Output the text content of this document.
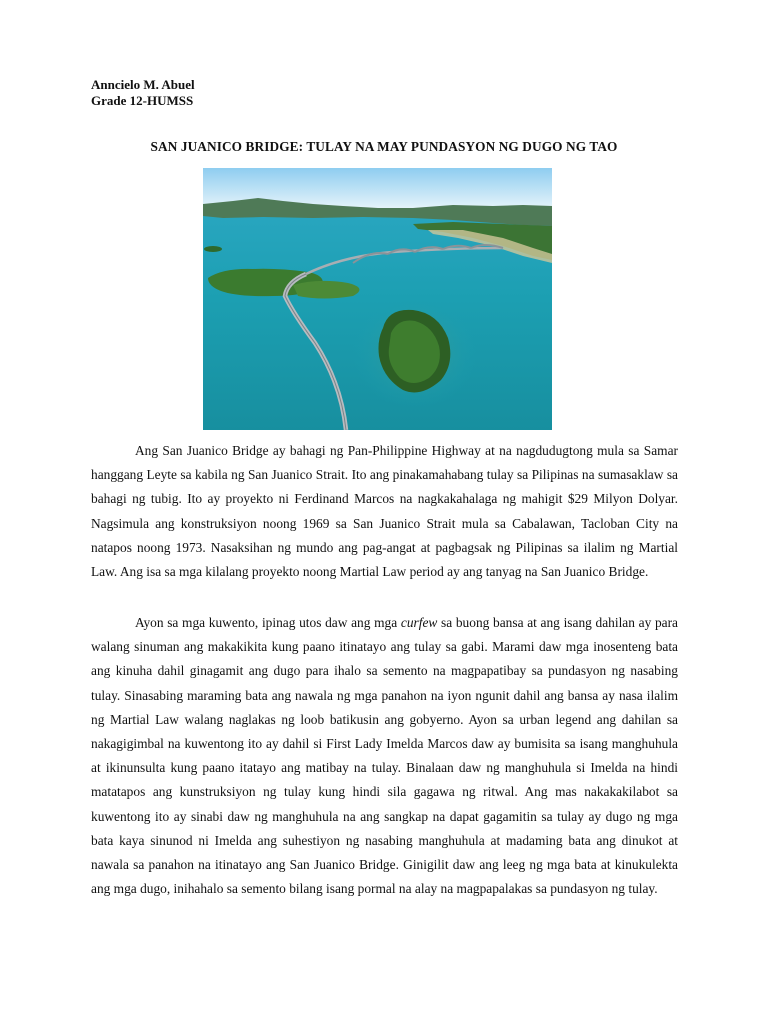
Anncielo M. Abuel
Grade 12-HUMSS
SAN JUANICO BRIDGE: TULAY NA MAY PUNDASYON NG DUGO NG TAO

Ang San Juanico Bridge ay bahagi ng Pan-Philippine Highway at na nagdudugtong mula sa Samar hanggang Leyte sa kabila ng San Juanico Strait. Ito ang pinakamahabang tulay sa Pilipinas na sumasaklaw sa bahagi ng tubig. Ito ay proyekto ni Ferdinand Marcos na nagkakahalaga ng mahigit $29 Milyon Dolyar. Nagsimula ang konstruksiyon noong 1969 sa San Juanico Strait mula sa Cabalawan, Tacloban City na natapos noong 1973. Nasaksihan ng mundo ang pag-angat at pagbagsak ng Pilipinas sa ilalim ng Martial Law. Ang isa sa mga kilalang proyekto noong Martial Law period ay ang tanyag na San Juanico Bridge.

Ayon sa mga kuwento, ipinag utos daw ang mga curfew sa buong bansa at ang isang dahilan ay para walang sinuman ang makakikita kung paano itinatayo ang tulay sa gabi. Marami daw mga inosenteng bata ang kinuha dahil ginagamit ang dugo para ihalo sa semento na magpapatibay sa pundasyon ng nasabing tulay. Sinasabing maraming bata ang nawala ng mga panahon na iyon ngunit dahil ang bansa ay nasa ilalim ng Martial Law walang naglakas ng loob batikusin ang gobyerno. Ayon sa urban legend ang dahilan sa nakagigimbal na kuwentong ito ay dahil si First Lady Imelda Marcos daw ay bumisita sa isang manghuhula at ikinunsulta kung paano itatayo ang matibay na tulay. Binalaan daw ng manghuhula si Imelda na hindi matatapos ang kunstruksiyon ng tulay kung hindi sila gagawa ng ritwal. Ang mas nakakakilabot sa kuwentong ito ay sinabi daw ng manghuhula na ang sangkap na dapat gagamitin sa tulay ay dugo ng mga bata kaya sinunod ni Imelda ang suhestiyon ng nasabing manghuhula at madaming bata ang dinukot at nawala sa panahon na itinatayo ang San Juanico Bridge. Ginigilit daw ang leeg ng mga bata at kinukulekta ang mga dugo, inihahalo sa semento bilang isang pormal na alay na magpapalakas sa pundasyon ng tulay.
